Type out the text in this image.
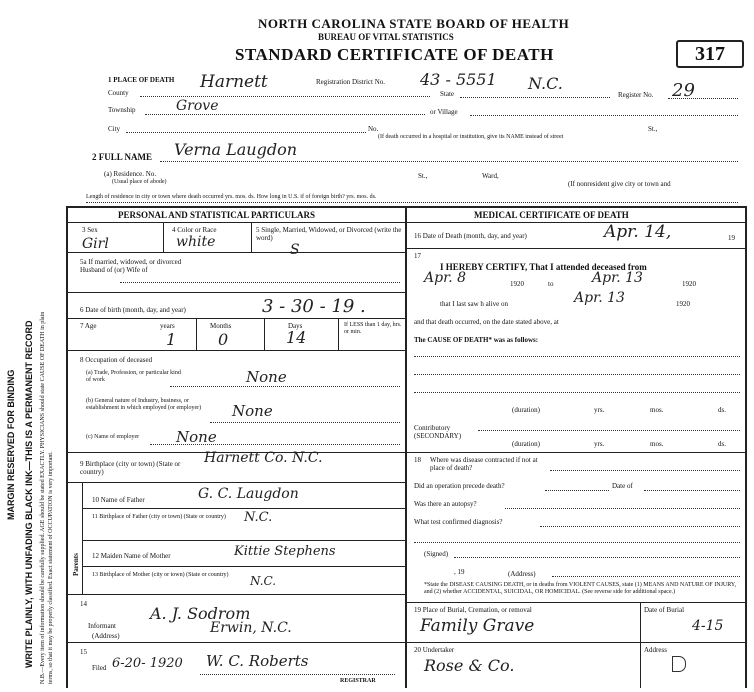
MARGIN RESERVED FOR BINDING WRITE PLAINLY, WITH UNFADING BLACK INK—THIS IS A PERMANENT RECORD N.B.—Every item of information should be carefully supplied. AGE should be stated EXACTLY. PHYSICIANS should state CAUSE OF DEATH in plain terms, so that it may be properly classified. Exact statement of OCCUPATION is very important.
NORTH CAROLINA STATE BOARD OF HEALTH
BUREAU OF VITAL STATISTICS
STANDARD CERTIFICATE OF DEATH	317
1 PLACE OF DEATH
County
Harnett	Registration District No. 43 - 5551
State
N.C.
Register No. 29
Township	Grove	or Village
City	No.	St.,
(If death occurred in a hospital or institution, give its NAME instead of street
2 FULL NAME Verna Laugdon
(a) Residence. No.
(Usual place of abode)
St.,	Ward,
(If nonresident give city or town and
Length of residence in city or town where death occurred yrs. mos. ds. How long in U.S. if of foreign birth? yrs. mos. ds.
PERSONAL AND STATISTICAL PARTICULARS
3 Sex
Girl
4 Color or Race
white
5 Single, Married, Widowed, or Divorced (write the word)
S
5a If married, widowed, or divorced Husband of (or) Wife of
6 Date of birth (month, day, and year)	3 - 30 - 19 .
7 Age	years	Months	Days
1	0	14
If LESS than 1 day, hrs. or min.
8 Occupation of deceased
(a) Trade, Profession, or particular kind of work	None
(b) General nature of Industry, business, or establishment in which employed (or employer)	None
(c) Name of employer None
9 Birthplace (city or town) (State or country)
Harnett Co. N.C.
Parents
10 Name of Father	G. C. Laugdon
11 Birthplace of Father (city or town) (State or country) N.C.
12 Maiden Name of Mother	Kittie Stephens
13 Birthplace of Mother (city or town) (State or country) N.C.
14
Informant
A. J. Sodrom
(Address)	Erwin, N.C.
15
Filed 6-20- 1920 W. C. Roberts
REGISTRAR
MEDICAL CERTIFICATE OF DEATH
16 Date of Death (month, day, and year)	Apr. 14,	19
17
I HEREBY CERTIFY, That I attended deceased from
Apr. 8	1920	to	Apr. 13	1920
that I last saw h alive on	Apr. 13	1920
and that death occurred, on the date stated above, at
The CAUSE OF DEATH* was as follows:
(duration)	yrs.	mos.	ds.
Contributory (SECONDARY)
(duration)	yrs.	mos.	ds.
18 Where was disease contracted if not at place of death?
Did an operation precede death?	Date of
Was there an autopsy?
What test confirmed diagnosis?
(Signed)
, 19	(Address)
*State the DISEASE CAUSING DEATH, or in deaths from VIOLENT CAUSES, state (1) MEANS AND NATURE OF INJURY, and (2) whether ACCIDENTAL, SUICIDAL, OR HOMICIDAL. (See reverse side for additional space.)
19 Place of Burial, Cremation, or removal
Family Grave
Date of Burial
4-15
20 Undertaker
Rose & Co.
Address
